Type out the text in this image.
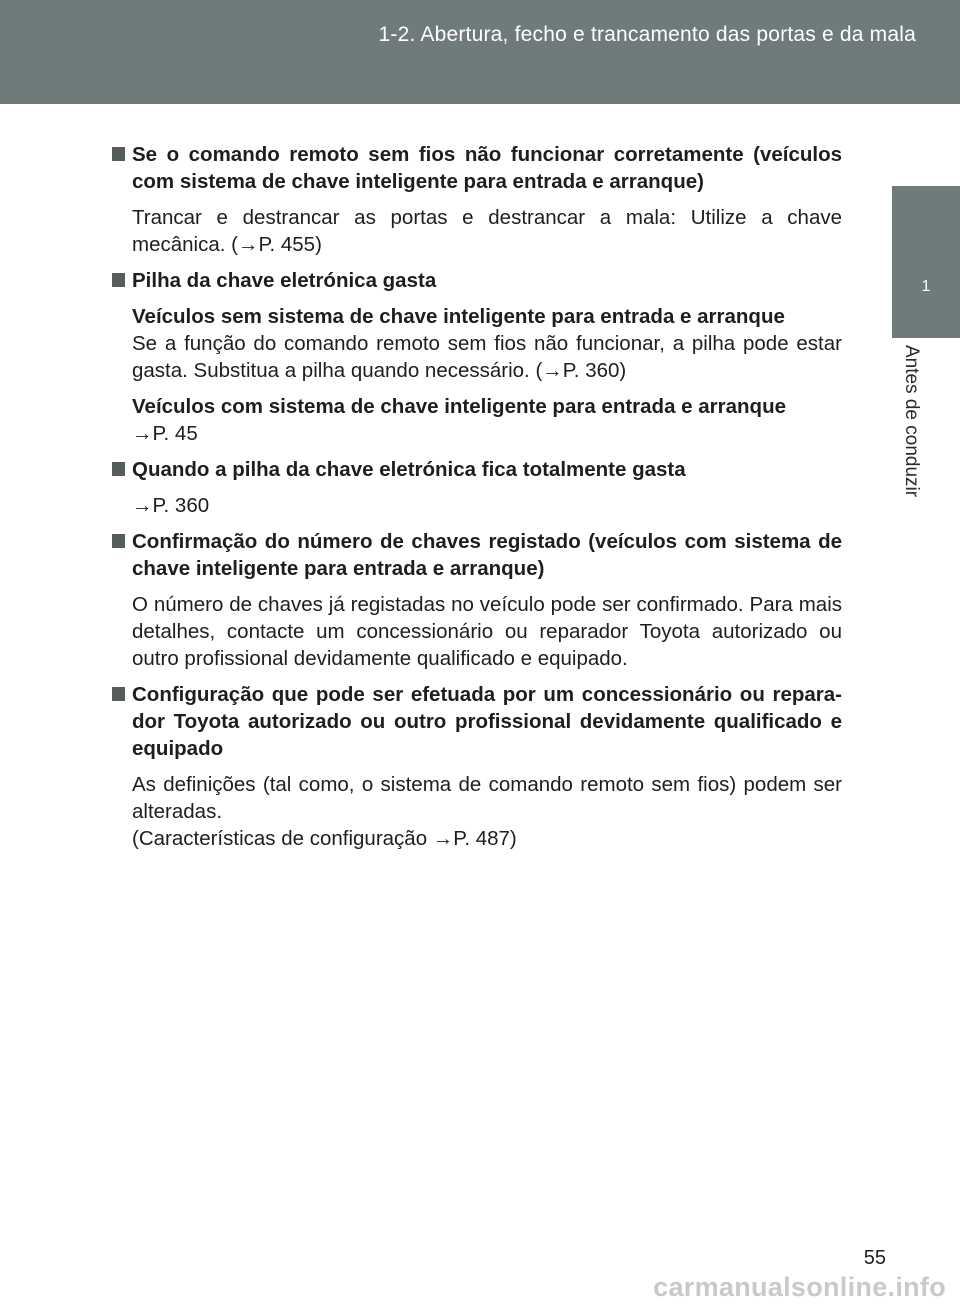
1-2. Abertura, fecho e trancamento das portas e da mala
1
Antes de conduzir
Se o comando remoto sem fios não funcionar corretamente (veículos com sistema de chave inteligente para entrada e arranque)
Trancar e destrancar as portas e destrancar a mala: Utilize a chave mecânica. (→P. 455)
Pilha da chave eletrónica gasta
Veículos sem sistema de chave inteligente para entrada e arranque
Se a função do comando remoto sem fios não funcionar, a pilha pode estar gasta. Substitua a pilha quando necessário. (→P. 360)
Veículos com sistema de chave inteligente para entrada e arranque
→P. 45
Quando a pilha da chave eletrónica fica totalmente gasta
→P. 360
Confirmação do número de chaves registado (veículos com sistema de chave inteligente para entrada e arranque)
O número de chaves já registadas no veículo pode ser confirmado. Para mais detalhes, contacte um concessionário ou reparador Toyota autorizado ou outro profissional devidamente qualificado e equipado.
Configuração que pode ser efetuada por um concessionário ou repara-dor Toyota autorizado ou outro profissional devidamente qualificado e equipado
As definições (tal como, o sistema de comando remoto sem fios) podem ser alteradas.
(Características de configuração →P. 487)
55
carmanualsonline.info
